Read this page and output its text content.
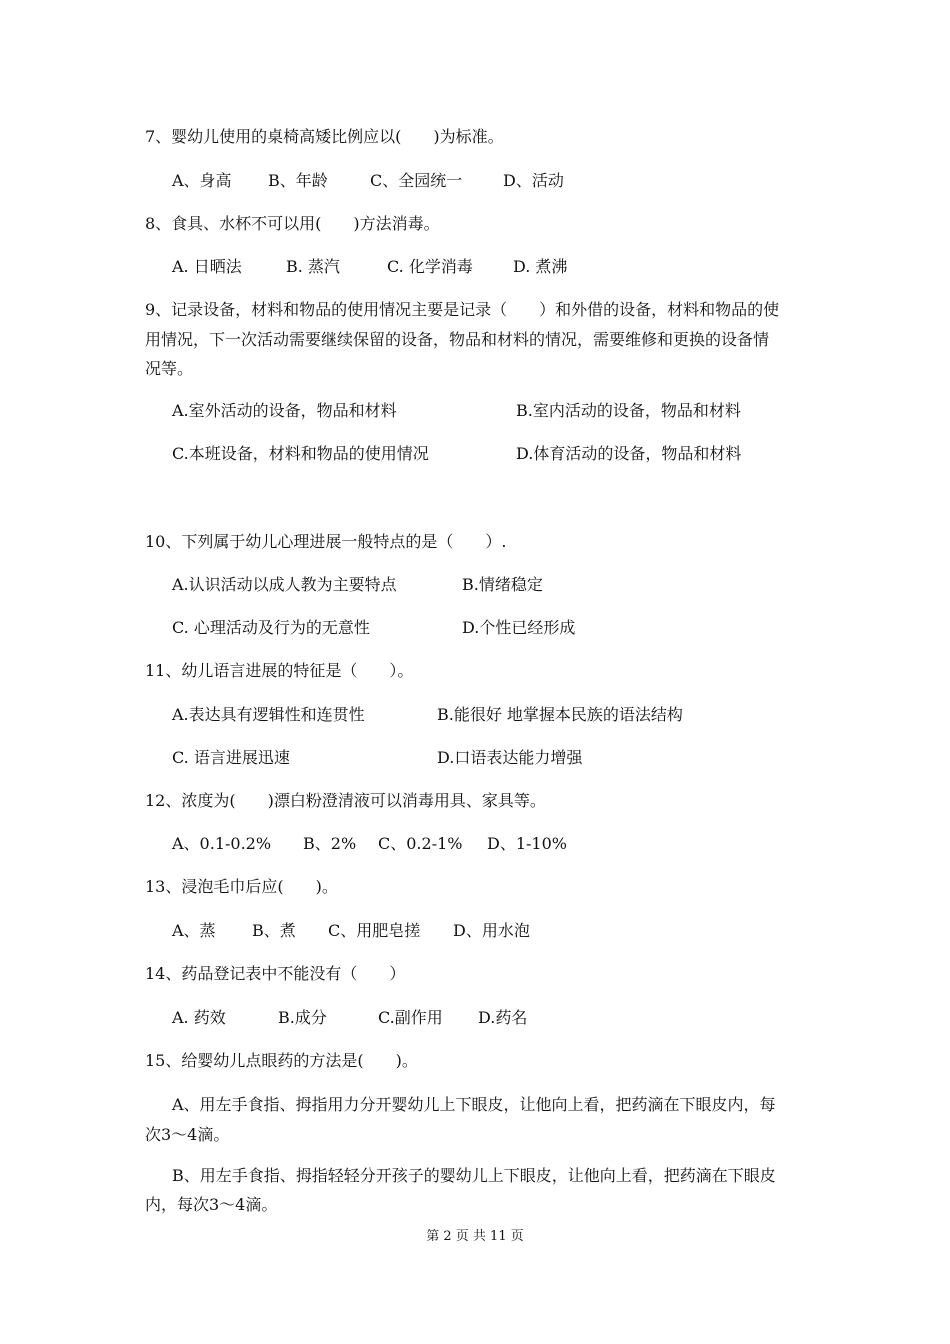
7、婴幼儿使用的桌椅高矮比例应以(　　)为标准。
A、身高 B、年龄	C、全园统一	D、活动
8、食具、水杯不可以用(　　)方法消毒。
A. 日晒法	B. 蒸汽	C. 化学消毒	D. 煮沸
9、记录设备，材料和物品的使用情况主要是记录（　　）和外借的设备，材料和物品的使
用情况，下一次活动需要继续保留的设备，物品和材料的情况，需要维修和更换的设备情
况等。
A.室外活动的设备，物品和材料	B.室内活动的设备，物品和材料
C.本班设备，材料和物品的使用情况	D.体育活动的设备，物品和材料
10、下列属于幼儿心理进展一般特点的是（　　）.
A.认识活动以成人教为主要特点	B.情绪稳定
C. 心理活动及行为的无意性	D.个性已经形成
11、幼儿语言进展的特征是（　　）。
A.表达具有逻辑性和连贯性	B.能很好 地掌握本民族的语法结构
C. 语言进展迅速	D.口语表达能力增强
12、浓度为(　　)漂白粉澄清液可以消毒用具、家具等。
A、0.1-0.2% B、2% C、0.2-1% D、1-10%
13、浸泡毛巾后应(　　)。
A、蒸 B、煮 C、用肥皂搓 D、用水泡
14、药品登记表中不能没有（　　）
A. 药效	B.成分	C.副作用 D.药名
15、给婴幼儿点眼药的方法是(　　)。
A、用左手食指、拇指用力分开婴幼儿上下眼皮，让他向上看，把药滴在下眼皮内，每
次3～4滴。
B、用左手食指、拇指轻轻分开孩子的婴幼儿上下眼皮，让他向上看，把药滴在下眼皮
内，每次3～4滴。
第 2 页 共 11 页
